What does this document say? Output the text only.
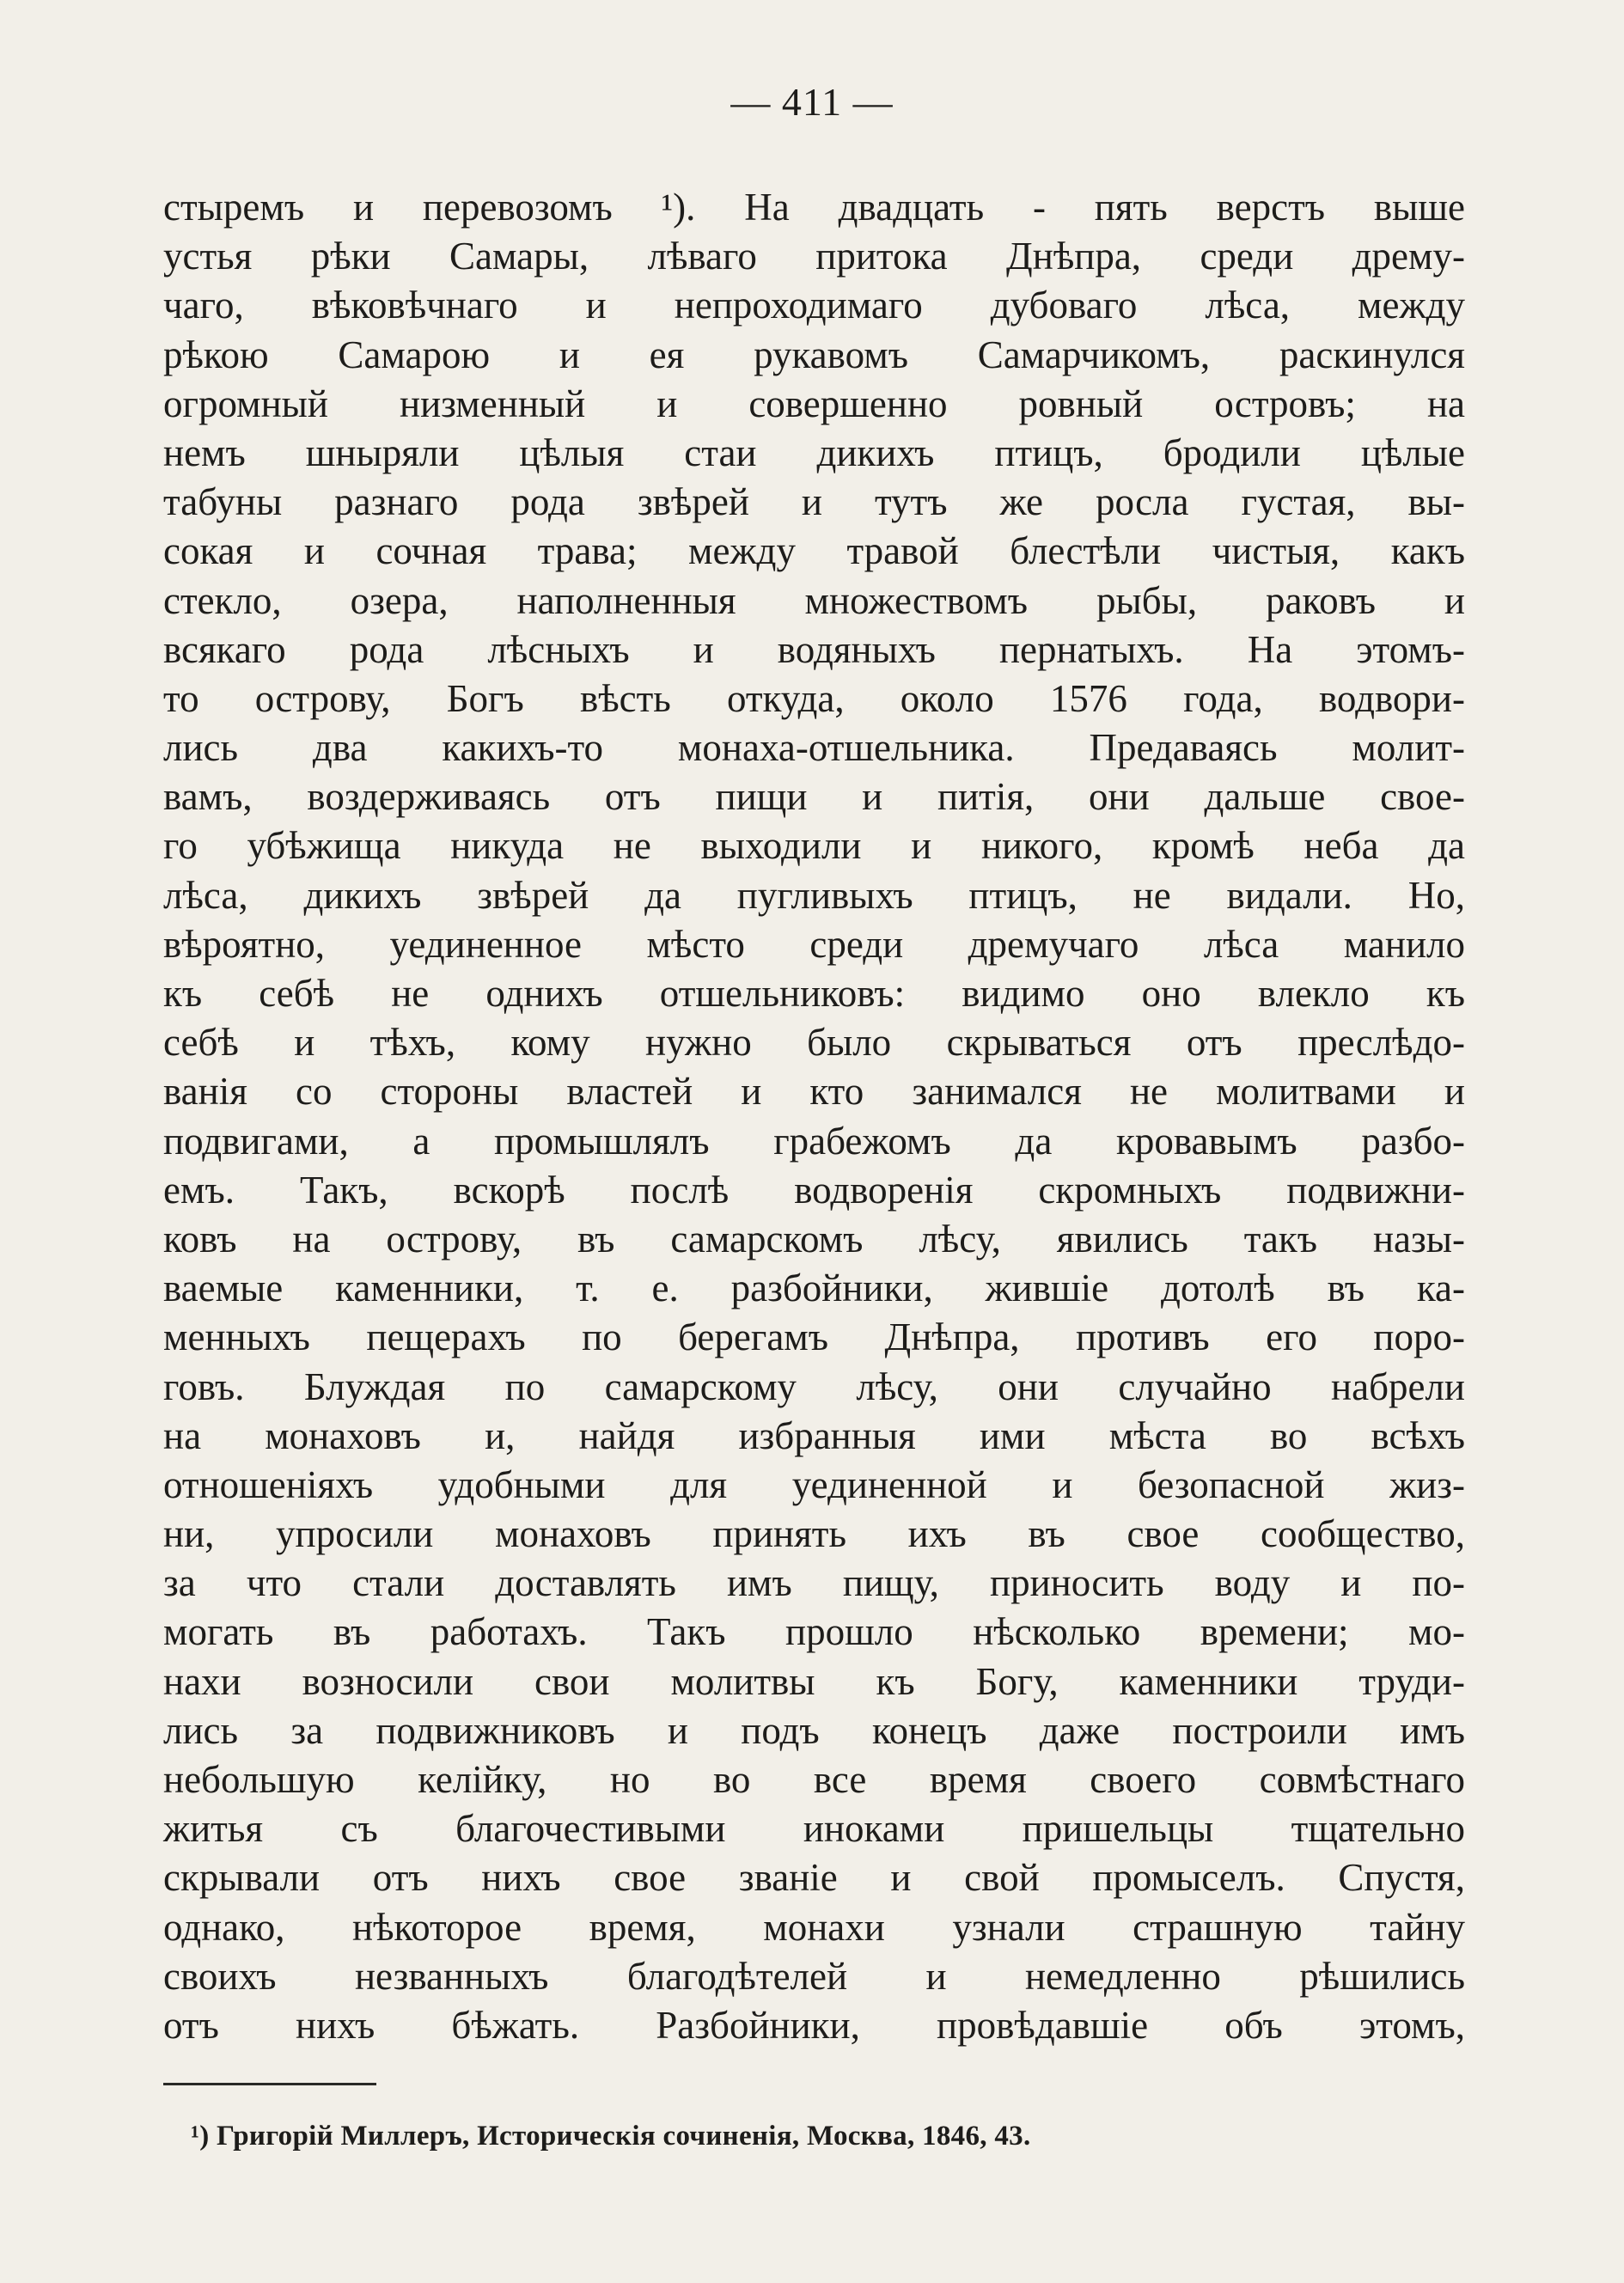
— 411 —
стыремъ и перевозомъ ¹). На двадцать - пять верстъ выше
устья рѣки Самары, лѣваго притока Днѣпра, среди дрему-
чаго, вѣковѣчнаго и непроходимаго дубоваго лѣса, между
рѣкою Самарою и ея рукавомъ Самарчикомъ, раскинулся
огромный низменный и совершенно ровный островъ; на
немъ шныряли цѣлыя стаи дикихъ птицъ, бродили цѣлые
табуны разнаго рода звѣрей и тутъ же росла густая, вы-
сокая и сочная трава; между травой блестѣли чистыя, какъ
стекло, озера, наполненныя множествомъ рыбы, раковъ и
всякаго рода лѣсныхъ и водяныхъ пернатыхъ. На этомъ-
то острову, Богъ вѣсть откуда, около 1576 года, водвори-
лись два какихъ-то монаха-отшельника. Предаваясь молит-
вамъ, воздерживаясь отъ пищи и питія, они дальше свое-
го убѣжища никуда не выходили и никого, кромѣ неба да
лѣса, дикихъ звѣрей да пугливыхъ птицъ, не видали. Но,
вѣроятно, уединенное мѣсто среди дремучаго лѣса манило
къ себѣ не однихъ отшельниковъ: видимо оно влекло къ
себѣ и тѣхъ, кому нужно было скрываться отъ преслѣдо-
ванія со стороны властей и кто занимался не молитвами и
подвигами, а промышлялъ грабежомъ да кровавымъ разбо-
емъ. Такъ, вскорѣ послѣ водворенія скромныхъ подвижни-
ковъ на острову, въ самарскомъ лѣсу, явились такъ назы-
ваемые каменники, т. е. разбойники, жившіе дотолѣ въ ка-
менныхъ пещерахъ по берегамъ Днѣпра, противъ его поро-
говъ. Блуждая по самарскому лѣсу, они случайно набрели
на монаховъ и, найдя избранныя ими мѣста во всѣхъ
отношеніяхъ удобными для уединенной и безопасной жиз-
ни, упросили монаховъ принять ихъ въ свое сообщество,
за что стали доставлять имъ пищу, приносить воду и по-
могать въ работахъ. Такъ прошло нѣсколько времени; мо-
нахи возносили свои молитвы къ Богу, каменники труди-
лись за подвижниковъ и подъ конецъ даже построили имъ
небольшую келійку, но во все время своего совмѣстнаго
житья съ благочестивыми иноками пришельцы тщательно
скрывали отъ нихъ свое званіе и свой промыселъ. Спустя,
однако, нѣкоторое время, монахи узнали страшную тайну
своихъ незванныхъ благодѣтелей и немедленно рѣшились
отъ нихъ бѣжать. Разбойники, провѣдавшіе объ этомъ,
¹) Григорій Миллеръ, Историческія сочиненія, Москва, 1846, 43.
